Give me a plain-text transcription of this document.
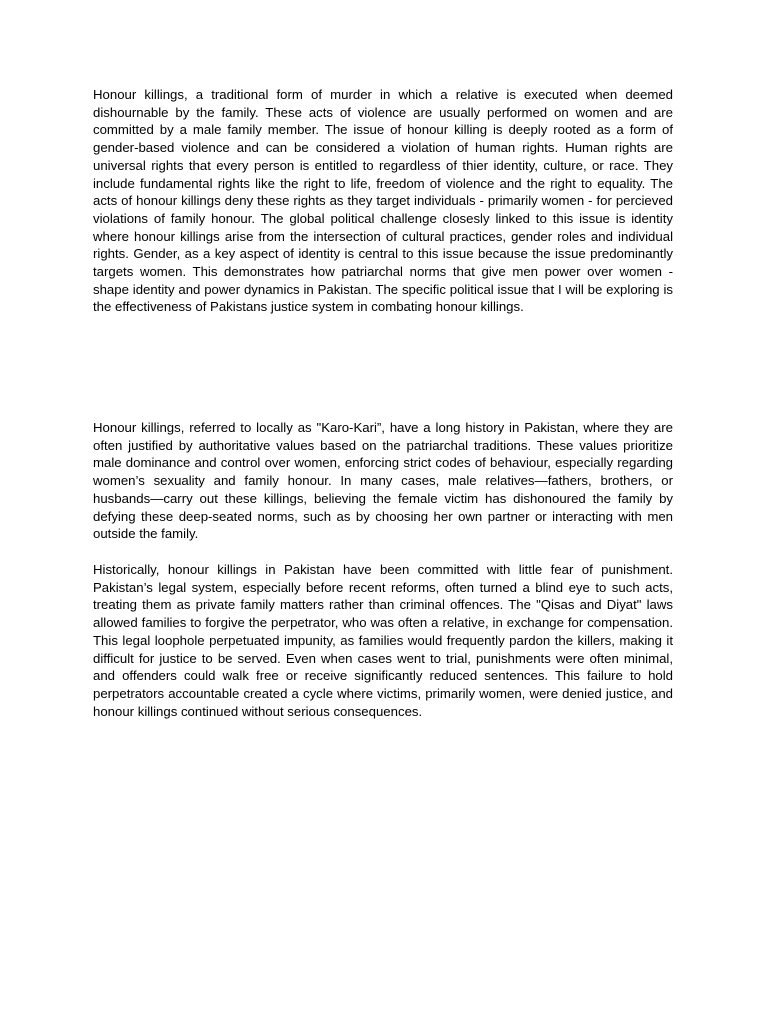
Honour killings, a traditional form of murder in which a relative is executed when deemed dishournable by the family. These acts of violence are usually performed on women and are committed by a male family member. The issue of honour killing is deeply rooted as a form of gender-based violence and can be considered a violation of human rights. Human rights are universal rights that every person is entitled to regardless of thier identity, culture, or race. They include fundamental rights like the right to life, freedom of violence and the right to equality. The acts of honour killings deny these rights as they target individuals - primarily women - for percieved violations of family honour. The global political challenge closesly linked to this issue is identity where honour killings arise from the intersection of cultural practices, gender roles and individual rights. Gender, as a key aspect of identity is central to this issue because the issue predominantly targets women. This demonstrates how patriarchal norms that give men power over women - shape identity and power dynamics in Pakistan. The specific political issue that I will be exploring is the effectiveness of Pakistans justice system in combating honour killings.

Honour killings, referred to locally as "Karo-Kari”, have a long history in Pakistan, where they are often justified by authoritative values based on the patriarchal traditions. These values prioritize male dominance and control over women, enforcing strict codes of behaviour, especially regarding women’s sexuality and family honour. In many cases, male relatives—fathers, brothers, or husbands—carry out these killings, believing the female victim has dishonoured the family by defying these deep-seated norms, such as by choosing her own partner or interacting with men outside the family.

Historically, honour killings in Pakistan have been committed with little fear of punishment. Pakistan’s legal system, especially before recent reforms, often turned a blind eye to such acts, treating them as private family matters rather than criminal offences. The "Qisas and Diyat" laws allowed families to forgive the perpetrator, who was often a relative, in exchange for compensation. This legal loophole perpetuated impunity, as families would frequently pardon the killers, making it difficult for justice to be served. Even when cases went to trial, punishments were often minimal, and offenders could walk free or receive significantly reduced sentences. This failure to hold perpetrators accountable created a cycle where victims, primarily women, were denied justice, and honour killings continued without serious consequences.
